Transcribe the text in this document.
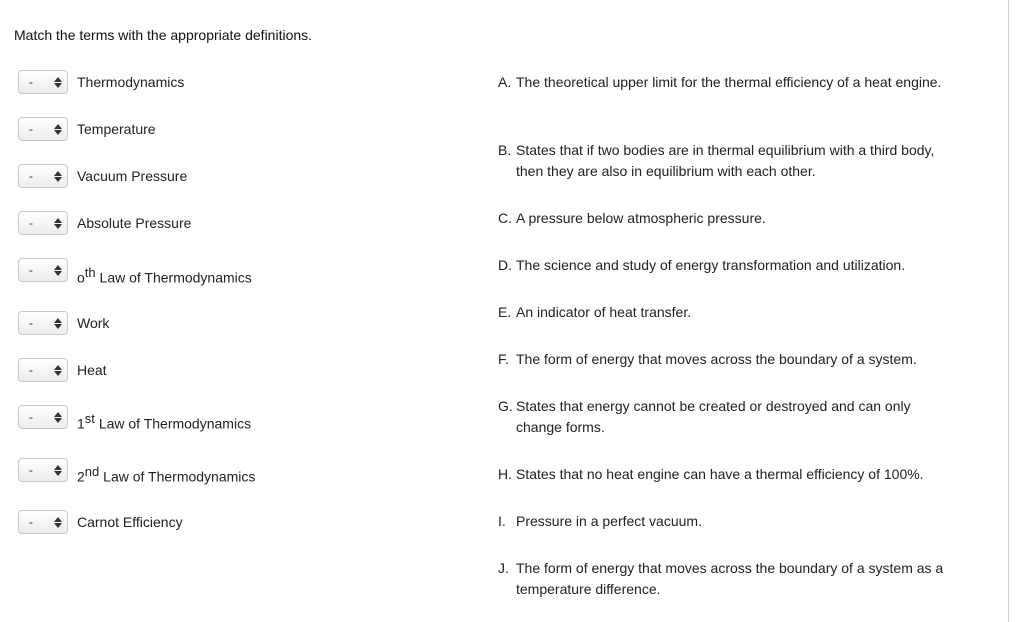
Match the terms with the appropriate definitions.
-	Thermodynamics
-	Temperature
-	Vacuum Pressure
-	Absolute Pressure
-	$o^{th}$ Law of Thermodynamics
-	Work
-	Heat
-	1st Law of Thermodynamics
-	2nd Law of Thermodynamics
-	Carnot Efficiency
A. The theoretical upper limit for the thermal efficiency of a heat engine.
B. States that if two bodies are in thermal equilibrium with a third body, then they are also in equilibrium with each other.
C. A pressure below atmospheric pressure.
D. The science and study of energy transformation and utilization.
E. An indicator of heat transfer.
F. The form of energy that moves across the boundary of a system.
G. States that energy cannot be created or destroyed and can only change forms.
H. States that no heat engine can have a thermal efficiency of 100%.
I. Pressure in a perfect vacuum.
J. The form of energy that moves across the boundary of a system as a temperature difference.
